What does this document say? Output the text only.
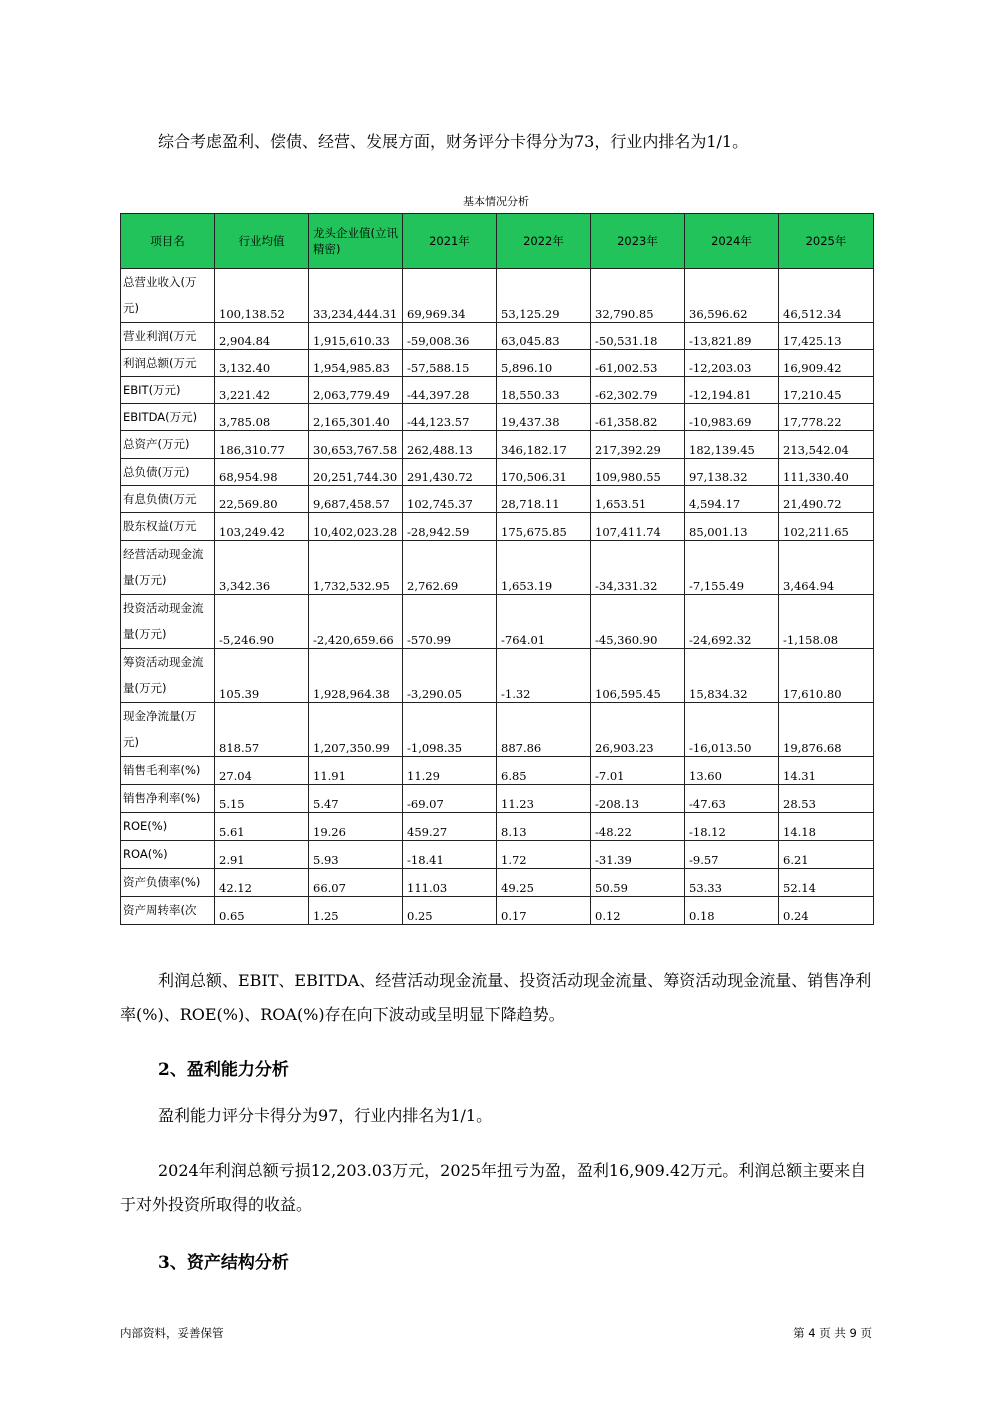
综合考虑盈利、偿债、经营、发展方面，财务评分卡得分为73，行业内排名为1/1。

基本情况分析
项目名	行业均值	龙头企业值(立讯精密)	2021年	2022年	2023年	2024年	2025年
总营业收入(万元)	100,138.52	33,234,444.31	69,969.34	53,125.29	32,790.85	36,596.62	46,512.34
营业利润(万元	2,904.84	1,915,610.33	-59,008.36	63,045.83	-50,531.18	-13,821.89	17,425.13
利润总额(万元	3,132.40	1,954,985.83	-57,588.15	5,896.10	-61,002.53	-12,203.03	16,909.42
EBIT(万元)	3,221.42	2,063,779.49	-44,397.28	18,550.33	-62,302.79	-12,194.81	17,210.45
EBITDA(万元)	3,785.08	2,165,301.40	-44,123.57	19,437.38	-61,358.82	-10,983.69	17,778.22
总资产(万元)	186,310.77	30,653,767.58	262,488.13	346,182.17	217,392.29	182,139.45	213,542.04
总负债(万元)	68,954.98	20,251,744.30	291,430.72	170,506.31	109,980.55	97,138.32	111,330.40
有息负债(万元	22,569.80	9,687,458.57	102,745.37	28,718.11	1,653.51	4,594.17	21,490.72
股东权益(万元	103,249.42	10,402,023.28	-28,942.59	175,675.85	107,411.74	85,001.13	102,211.65
经营活动现金流量(万元)	3,342.36	1,732,532.95	2,762.69	1,653.19	-34,331.32	-7,155.49	3,464.94
投资活动现金流量(万元)	-5,246.90	-2,420,659.66	-570.99	-764.01	-45,360.90	-24,692.32	-1,158.08
筹资活动现金流量(万元)	105.39	1,928,964.38	-3,290.05	-1.32	106,595.45	15,834.32	17,610.80
现金净流量(万元)	818.57	1,207,350.99	-1,098.35	887.86	26,903.23	-16,013.50	19,876.68
销售毛利率(%)	27.04	11.91	11.29	6.85	-7.01	13.60	14.31
销售净利率(%)	5.15	5.47	-69.07	11.23	-208.13	-47.63	28.53
ROE(%)	5.61	19.26	459.27	8.13	-48.22	-18.12	14.18
ROA(%)	2.91	5.93	-18.41	1.72	-31.39	-9.57	6.21
资产负债率(%)	42.12	66.07	111.03	49.25	50.59	53.33	52.14
资产周转率(次	0.65	1.25	0.25	0.17	0.12	0.18	0.24

利润总额、EBIT、EBITDA、经营活动现金流量、投资活动现金流量、筹资活动现金流量、销售净利率(%)、ROE(%)、ROA(%)存在向下波动或呈明显下降趋势。

2、盈利能力分析

盈利能力评分卡得分为97，行业内排名为1/1。

2024年利润总额亏损12,203.03万元，2025年扭亏为盈，盈利16,909.42万元。利润总额主要来自于对外投资所取得的收益。

3、资产结构分析
内部资料，妥善保管	第 4 页 共 9 页
